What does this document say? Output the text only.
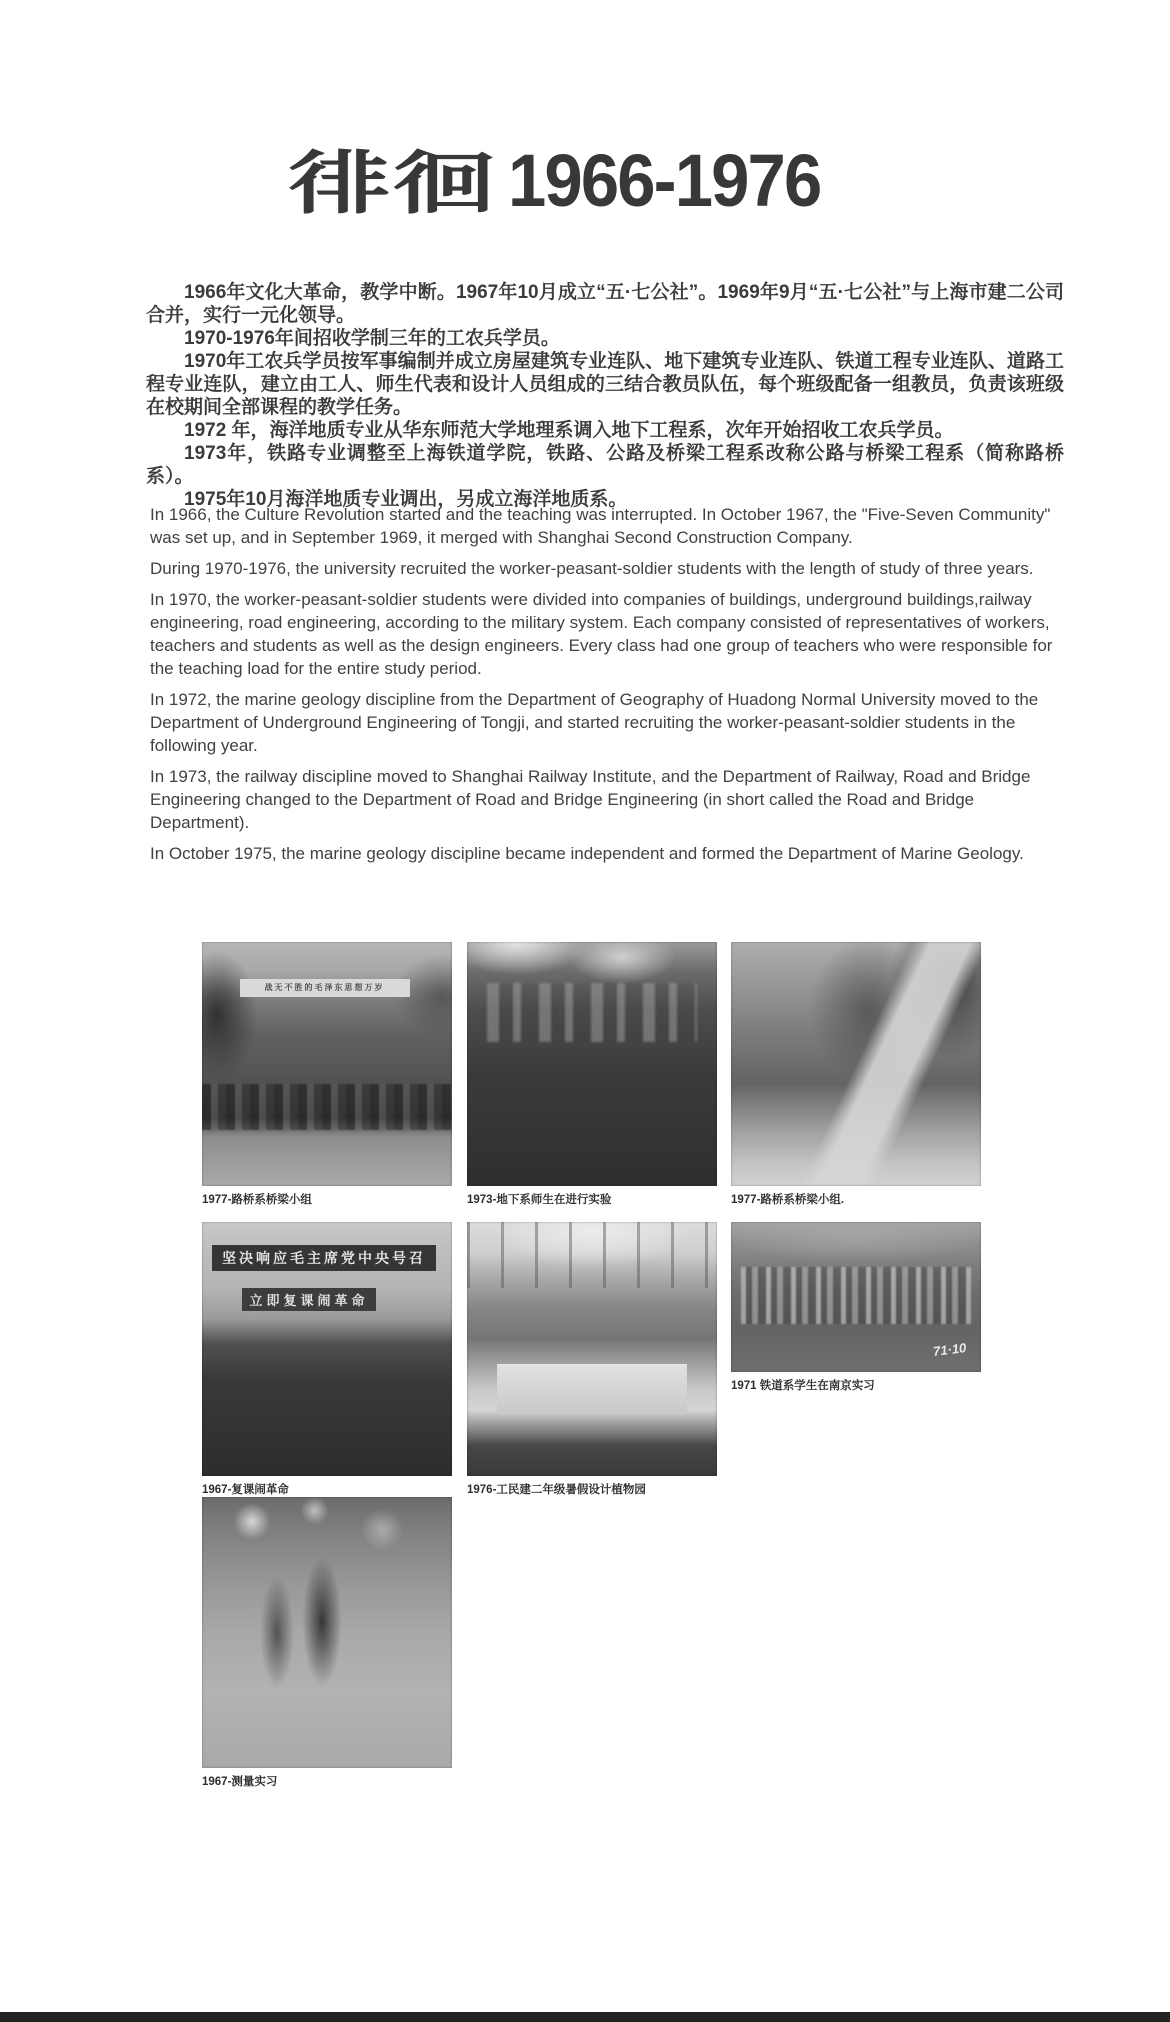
徘徊 1966-1976

1966年文化大革命，教学中断。1967年10月成立“五·七公社”。1969年9月“五·七公社”与上海市建二公司合并，实行一元化领导。

1970-1976年间招收学制三年的工农兵学员。

1970年工农兵学员按军事编制并成立房屋建筑专业连队、地下建筑专业连队、铁道工程专业连队、道路工程专业连队，建立由工人、师生代表和设计人员组成的三结合教员队伍，每个班级配备一组教员，负责该班级在校期间全部课程的教学任务。

1972 年，海洋地质专业从华东师范大学地理系调入地下工程系，次年开始招收工农兵学员。

1973年，铁路专业调整至上海铁道学院，铁路、公路及桥梁工程系改称公路与桥梁工程系（简称路桥系）。

1975年10月海洋地质专业调出，另成立海洋地质系。

In 1966, the Culture Revolution started and the teaching was interrupted. In October 1967, the "Five-Seven Community" was set up, and in September 1969, it merged with Shanghai Second Construction Company.

During 1970-1976, the university recruited the worker-peasant-soldier students with the length of study of three years.

In 1970, the worker-peasant-soldier students were divided into companies of buildings, underground buildings,railway engineering, road engineering, according to the military system. Each company consisted of representatives of workers, teachers and students as well as the design engineers. Every class had one group of teachers who were responsible for the teaching load for the entire study period.

In 1972, the marine geology discipline from the Department of Geography of Huadong Normal University moved to the Department of Underground Engineering of Tongji, and started recruiting the worker-peasant-soldier students in the following year.

In 1973, the railway discipline moved to Shanghai Railway Institute, and the Department of Railway, Road and Bridge Engineering changed to the Department of Road and Bridge Engineering (in short called the Road and Bridge Department).

In October 1975, the marine geology discipline became independent and formed the Department of Marine Geology.

战无不胜的毛泽东思想万岁
1977-路桥系桥梁小组	1973-地下系师生在进行实验	1977-路桥系桥梁小组.
坚决响应毛主席党中央号召
立即复课闹革命
1967-复课闹革命	1976-工民建二年级暑假设计植物园
71·10
1971 铁道系学生在南京实习
1967-测量实习
